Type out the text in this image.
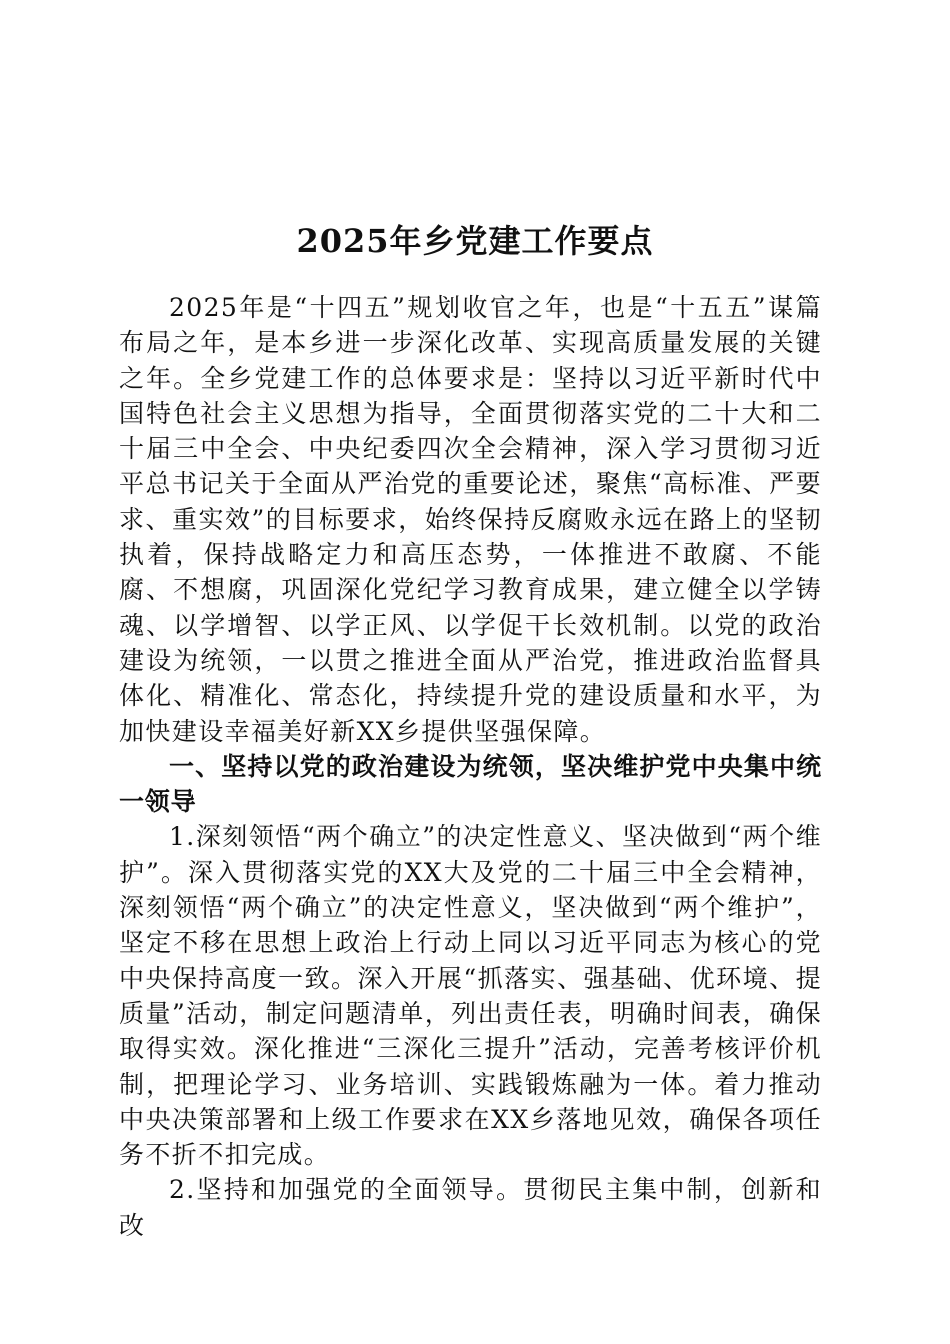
2025年乡党建工作要点

2025年是“十四五”规划收官之年，也是“十五五”谋篇布局之年，是本乡进一步深化改革、实现高质量发展的关键之年。全乡党建工作的总体要求是：坚持以习近平新时代中国特色社会主义思想为指导，全面贯彻落实党的二十大和二十届三中全会、中央纪委四次全会精神，深入学习贯彻习近平总书记关于全面从严治党的重要论述，聚焦“高标准、严要求、重实效”的目标要求，始终保持反腐败永远在路上的坚韧执着，保持战略定力和高压态势，一体推进不敢腐、不能腐、不想腐，巩固深化党纪学习教育成果，建立健全以学铸魂、以学增智、以学正风、以学促干长效机制。以党的政治建设为统领，一以贯之推进全面从严治党，推进政治监督具体化、精准化、常态化，持续提升党的建设质量和水平，为加快建设幸福美好新XX乡提供坚强保障。

一、坚持以党的政治建设为统领，坚决维护党中央集中统一领导

1.深刻领悟“两个确立”的决定性意义、坚决做到“两个维护”。深入贯彻落实党的XX大及党的二十届三中全会精神，深刻领悟“两个确立”的决定性意义，坚决做到“两个维护”，坚定不移在思想上政治上行动上同以习近平同志为核心的党中央保持高度一致。深入开展“抓落实、强基础、优环境、提质量”活动，制定问题清单，列出责任表，明确时间表，确保取得实效。深化推进“三深化三提升”活动，完善考核评价机制，把理论学习、业务培训、实践锻炼融为一体。着力推动中央决策部署和上级工作要求在XX乡落地见效，确保各项任务不折不扣完成。

2.坚持和加强党的全面领导。贯彻民主集中制，创新和改
